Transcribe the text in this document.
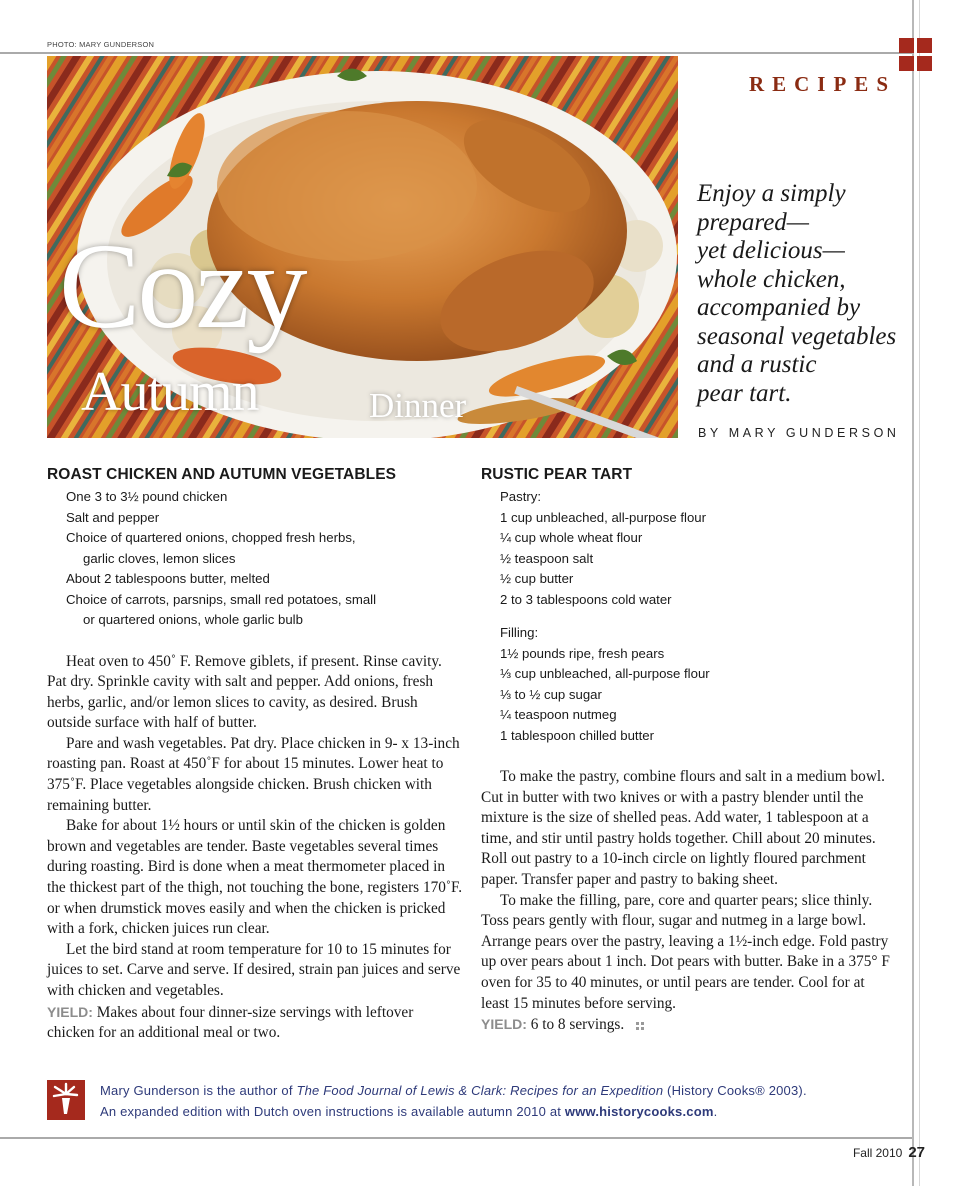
PHOTO: MARY GUNDERSON
RECIPES
Cozy
Autumn	Dinner
Enjoy a simply
prepared—
yet delicious—
whole chicken,
accompanied by
seasonal vegetables
and a rustic
pear tart.
BY MARY GUNDERSON
ROAST CHICKEN AND AUTUMN VEGETABLES
One 3 to 3½ pound chicken
Salt and pepper
Choice of quartered onions, chopped fresh herbs,
garlic cloves, lemon slices
About 2 tablespoons butter, melted
Choice of carrots, parsnips, small red potatoes, small
or quartered onions, whole garlic bulb

Heat oven to 450˚ F. Remove giblets, if present. Rinse cavity. Pat dry. Sprinkle cavity with salt and pepper. Add onions, fresh herbs, garlic, and/or lemon slices to cavity, as desired. Brush outside surface with half of butter.

Pare and wash vegetables. Pat dry. Place chicken in 9- x 13-inch roasting pan. Roast at 450˚F for about 15 minutes. Lower heat to 375˚F. Place vegetables alongside chicken. Brush chicken with remaining butter.

Bake for about 1½ hours or until skin of the chicken is golden brown and vegetables are tender. Baste vegetables several times during roasting. Bird is done when a meat thermometer placed in the thickest part of the thigh, not touching the bone, registers 170˚F. or when drumstick moves easily and when the chicken is pricked with a fork, chicken juices run clear.

Let the bird stand at room temperature for 10 to 15 minutes for juices to set. Carve and serve. If desired, strain pan juices and serve with chicken and vegetables.

YIELD: Makes about four dinner-size servings with leftover chicken for an additional meal or two.

RUSTIC PEAR TART
Pastry:
1 cup unbleached, all-purpose flour
¼ cup whole wheat flour
½ teaspoon salt
½ cup butter
2 to 3 tablespoons cold water
Filling:
1½ pounds ripe, fresh pears
⅓ cup unbleached, all-purpose flour
⅓ to ½ cup sugar
¼ teaspoon nutmeg
1 tablespoon chilled butter

To make the pastry, combine flours and salt in a medium bowl. Cut in butter with two knives or with a pastry blender until the mixture is the size of shelled peas. Add water, 1 tablespoon at a time, and stir until pastry holds together. Chill about 20 minutes. Roll out pastry to a 10-inch circle on lightly floured parchment paper. Transfer paper and pastry to baking sheet.

To make the filling, pare, core and quarter pears; slice thinly. Toss pears gently with flour, sugar and nutmeg in a large bowl. Arrange pears over the pastry, leaving a 1½-inch edge. Fold pastry up over pears about 1 inch. Dot pears with butter. Bake in a 375° F oven for 35 to 40 minutes, or until pears are tender. Cool for at least 15 minutes before serving.

YIELD: 6 to 8 servings.

Mary Gunderson is the author of The Food Journal of Lewis & Clark: Recipes for an Expedition (History Cooks® 2003).
An expanded edition with Dutch oven instructions is available autumn 2010 at www.historycooks.com.
Fall 2010 27
